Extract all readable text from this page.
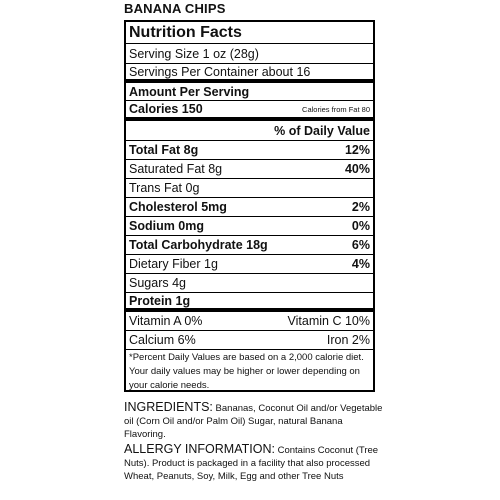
BANANA CHIPS
Nutrition Facts
Serving Size 1 oz (28g)
Servings Per Container about 16
Amount Per Serving
Calories 150	Calories from Fat 80
% of Daily Value
Total Fat 8g	12%
Saturated Fat 8g	40%
Trans Fat 0g
Cholesterol 5mg	2%
Sodium 0mg	0%
Total Carbohydrate 18g	6%
Dietary Fiber 1g	4%
Sugars 4g
Protein 1g
Vitamin A 0%	Vitamin C 10%
Calcium 6%	Iron 2%
*Percent Daily Values are based on a 2,000 calorie diet. Your daily values may be higher or lower depending on your calorie needs.
INGREDIENTS: Bananas, Coconut Oil and/or Vegetable oil (Corn Oil and/or Palm Oil) Sugar, natural Banana Flavoring.
ALLERGY INFORMATION: Contains Coconut (Tree Nuts). Product is packaged in a facility that also processed Wheat, Peanuts, Soy, Milk, Egg and other Tree Nuts
